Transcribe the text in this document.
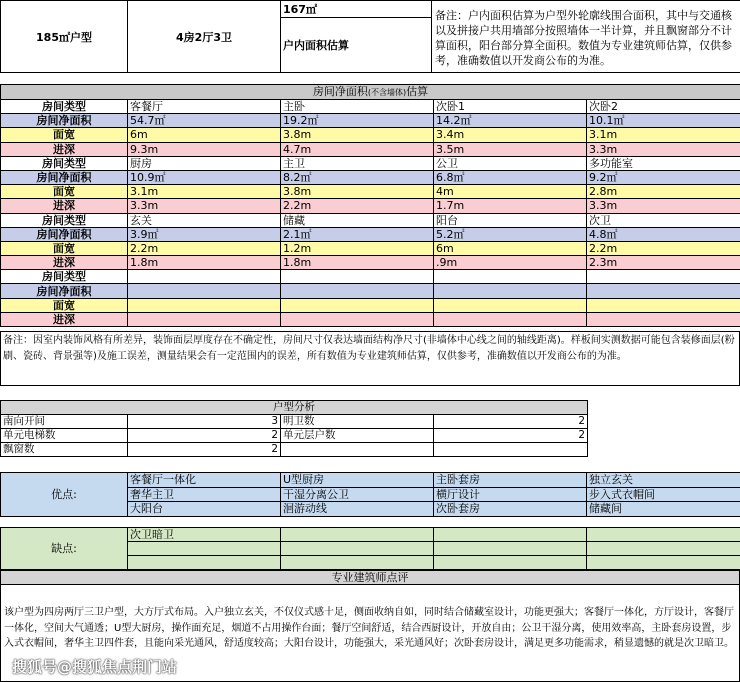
185㎡户型	4房2厅3卫	167㎡	备注：户内面积估算为户型外轮廓线围合面积，其中与交通核以及拼接户共用墙部分按照墙体一半计算，并且飘窗部分不计算面积，阳台部分算全面积。数值为专业建筑师估算，仅供参考，准确数值以开发商公布的为准。
户内面积估算
房间净面积(不含墙体)估算				
房间类型	客餐厅	主卧	次卧1	次卧2
房间净面积	54.7㎡	19.2㎡	14.2㎡	10.1㎡
面宽	6m	3.8m	3.4m	3.1m
进深	9.3m	4.7m	3.5m	3.3m
房间类型	厨房	主卫	公卫	多功能室
房间净面积	10.9㎡	8.2㎡	6.8㎡	9.2㎡
面宽	3.1m	3.8m	4m	2.8m
进深	3.3m	2.2m	1.7m	3.3m
房间类型	玄关	储藏	阳台	次卫
房间净面积	3.9㎡	2.1㎡	5.2㎡	4.8㎡
面宽	2.2m	1.2m	6m	2.2m
进深	1.8m	1.8m	.9m	2.3m
房间类型				
房间净面积				
面宽				
进深				
备注：因室内装饰风格有所差异，装饰面层厚度存在不确定性，房间尺寸仅表达墙面结构净尺寸(非墙体中心线之间的轴线距离)。样板间实测数据可能包含装修面层(粉刷、瓷砖、背景强等)及施工误差，测量结果会有一定范围内的误差，所有数值为专业建筑师估算，仅供参考，准确数值以开发商公布的为准。
户型分析			
南向开间	3	明卫数	2
单元电梯数	2	单元层户数	2
飘窗数	2		
优点:	客餐厅一体化	U型厨房	主卧套房	独立玄关
	奢华主卫	干湿分离公卫	横厅设计	步入式衣帽间
	大阳台	洄游动线	次卧套房	储藏间
缺点:	次卫暗卫			

专业建筑师点评
该户型为四房两厅三卫户型，大方厅式布局。入户独立玄关，不仅仪式感十足，侧面收纳自如，同时结合储藏室设计，功能更强大；客餐厅一体化，方厅设计，客餐厅一体化，空间大气通透；U型大厨房，操作面充足，烟道不占用操作台面；餐厅空间舒适，结合西厨设计，开放自由；公卫干湿分离，使用效率高，主卧套房设置，步入式衣帽间，奢华主卫四件套，且能向采光通风，舒适度较高；大阳台设计，功能强大，采光通风好；次卧套房设计，满足更多功能需求，稍显遗憾的就是次卫暗卫。
搜狐号@搜狐焦点荆门站
